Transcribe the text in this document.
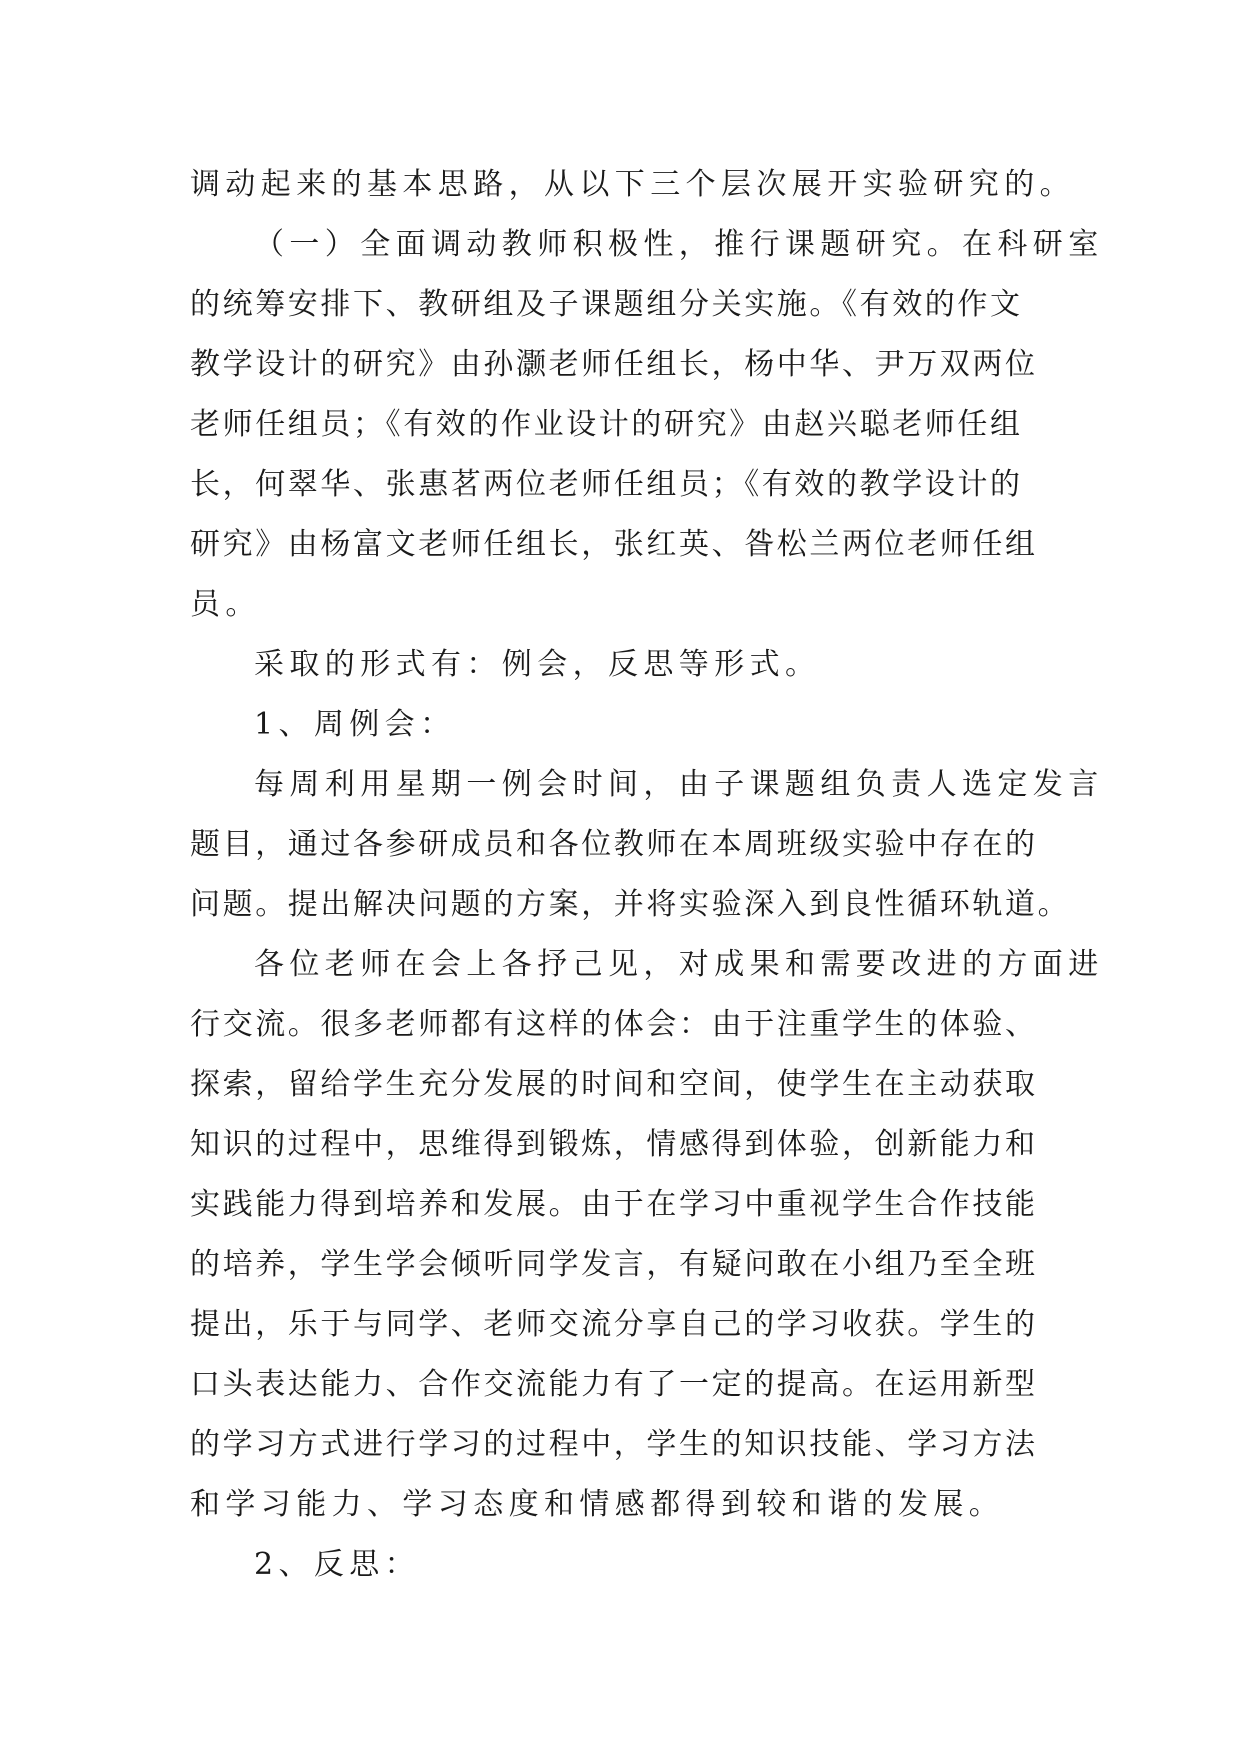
调动起来的基本思路，从以下三个层次展开实验研究的。
（一）全面调动教师积极性，推行课题研究。在科研室
的统筹安排下、教研组及子课题组分关实施。《有效的作文
教学设计的研究》由孙灏老师任组长，杨中华、尹万双两位
老师任组员；《有效的作业设计的研究》由赵兴聪老师任组
长，何翠华、张惠茗两位老师任组员；《有效的教学设计的
研究》由杨富文老师任组长，张红英、昝松兰两位老师任组
员。
采取的形式有：例会，反思等形式。
1、周例会：
每周利用星期一例会时间，由子课题组负责人选定发言
题目，通过各参研成员和各位教师在本周班级实验中存在的
问题。提出解决问题的方案，并将实验深入到良性循环轨道。
各位老师在会上各抒己见，对成果和需要改进的方面进
行交流。很多老师都有这样的体会：由于注重学生的体验、
探索，留给学生充分发展的时间和空间，使学生在主动获取
知识的过程中，思维得到锻炼，情感得到体验，创新能力和
实践能力得到培养和发展。由于在学习中重视学生合作技能
的培养，学生学会倾听同学发言，有疑问敢在小组乃至全班
提出，乐于与同学、老师交流分享自己的学习收获。学生的
口头表达能力、合作交流能力有了一定的提高。在运用新型
的学习方式进行学习的过程中，学生的知识技能、学习方法
和学习能力、学习态度和情感都得到较和谐的发展。
2、反思：
